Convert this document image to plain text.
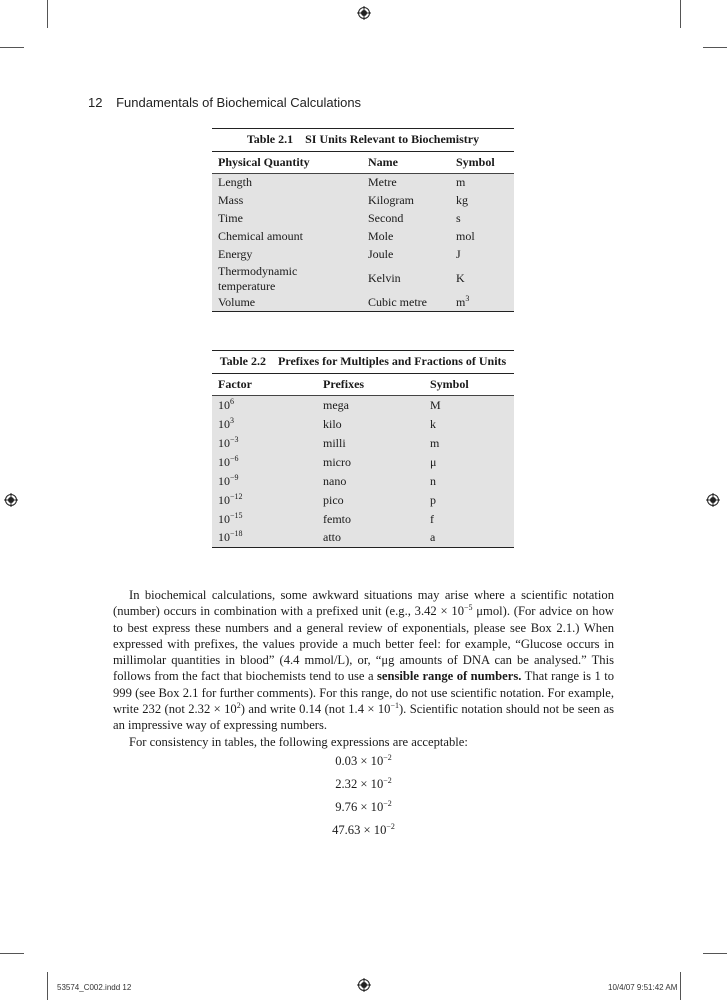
12 Fundamentals of Biochemical Calculations
Table 2.1 SI Units Relevant to Biochemistry
Physical Quantity	Name	Symbol
Length	Metre	m
Mass	Kilogram	kg
Time	Second	s
Chemical amount	Mole	mol
Energy	Joule	J
Thermodynamic temperature	Kelvin	K
Volume	Cubic metre	$m^3$
Table 2.2 Prefixes for Multiples and Fractions of Units
Factor	Prefixes	Symbol
$10^6$	mega	M
$10^3$	kilo	k
$10^{-3}$	milli	m
$10^{-6}$	micro	μ
$10^{-9}$	nano	n
$10^{-12}$	pico	p
$10^{-15}$	femto	f
$10^{-18}$	atto	a

In biochemical calculations, some awkward situations may arise where a scientific notation (number) occurs in combination with a prefixed unit (e.g., $3.42 \times 10^{-5}$ μmol). (For advice on how to best express these numbers and a general review of exponentials, please see Box 2.1.) When expressed with prefixes, the values provide a much better feel: for example, “Glucose occurs in millimolar quantities in blood” (4.4 mmol/L), or, “μg amounts of DNA can be analysed.” This follows from the fact that biochemists tend to use a sensible range of numbers. That range is 1 to 999 (see Box 2.1 for further comments). For this range, do not use scientific notation. For example, write 232 (not $2.32 \times 10^2$) and write 0.14 (not $1.4 \times 10^{-1}$). Scientific notation should not be seen as an impressive way of expressing numbers.

For consistency in tables, the following expressions are acceptable:

$0.03 \times 10^{-2}$
$2.32 \times 10^{-2}$
$9.76 \times 10^{-2}$
$47.63 \times 10^{-2}$
53574_C002.indd 12	10/4/07 9:51:42 AM
